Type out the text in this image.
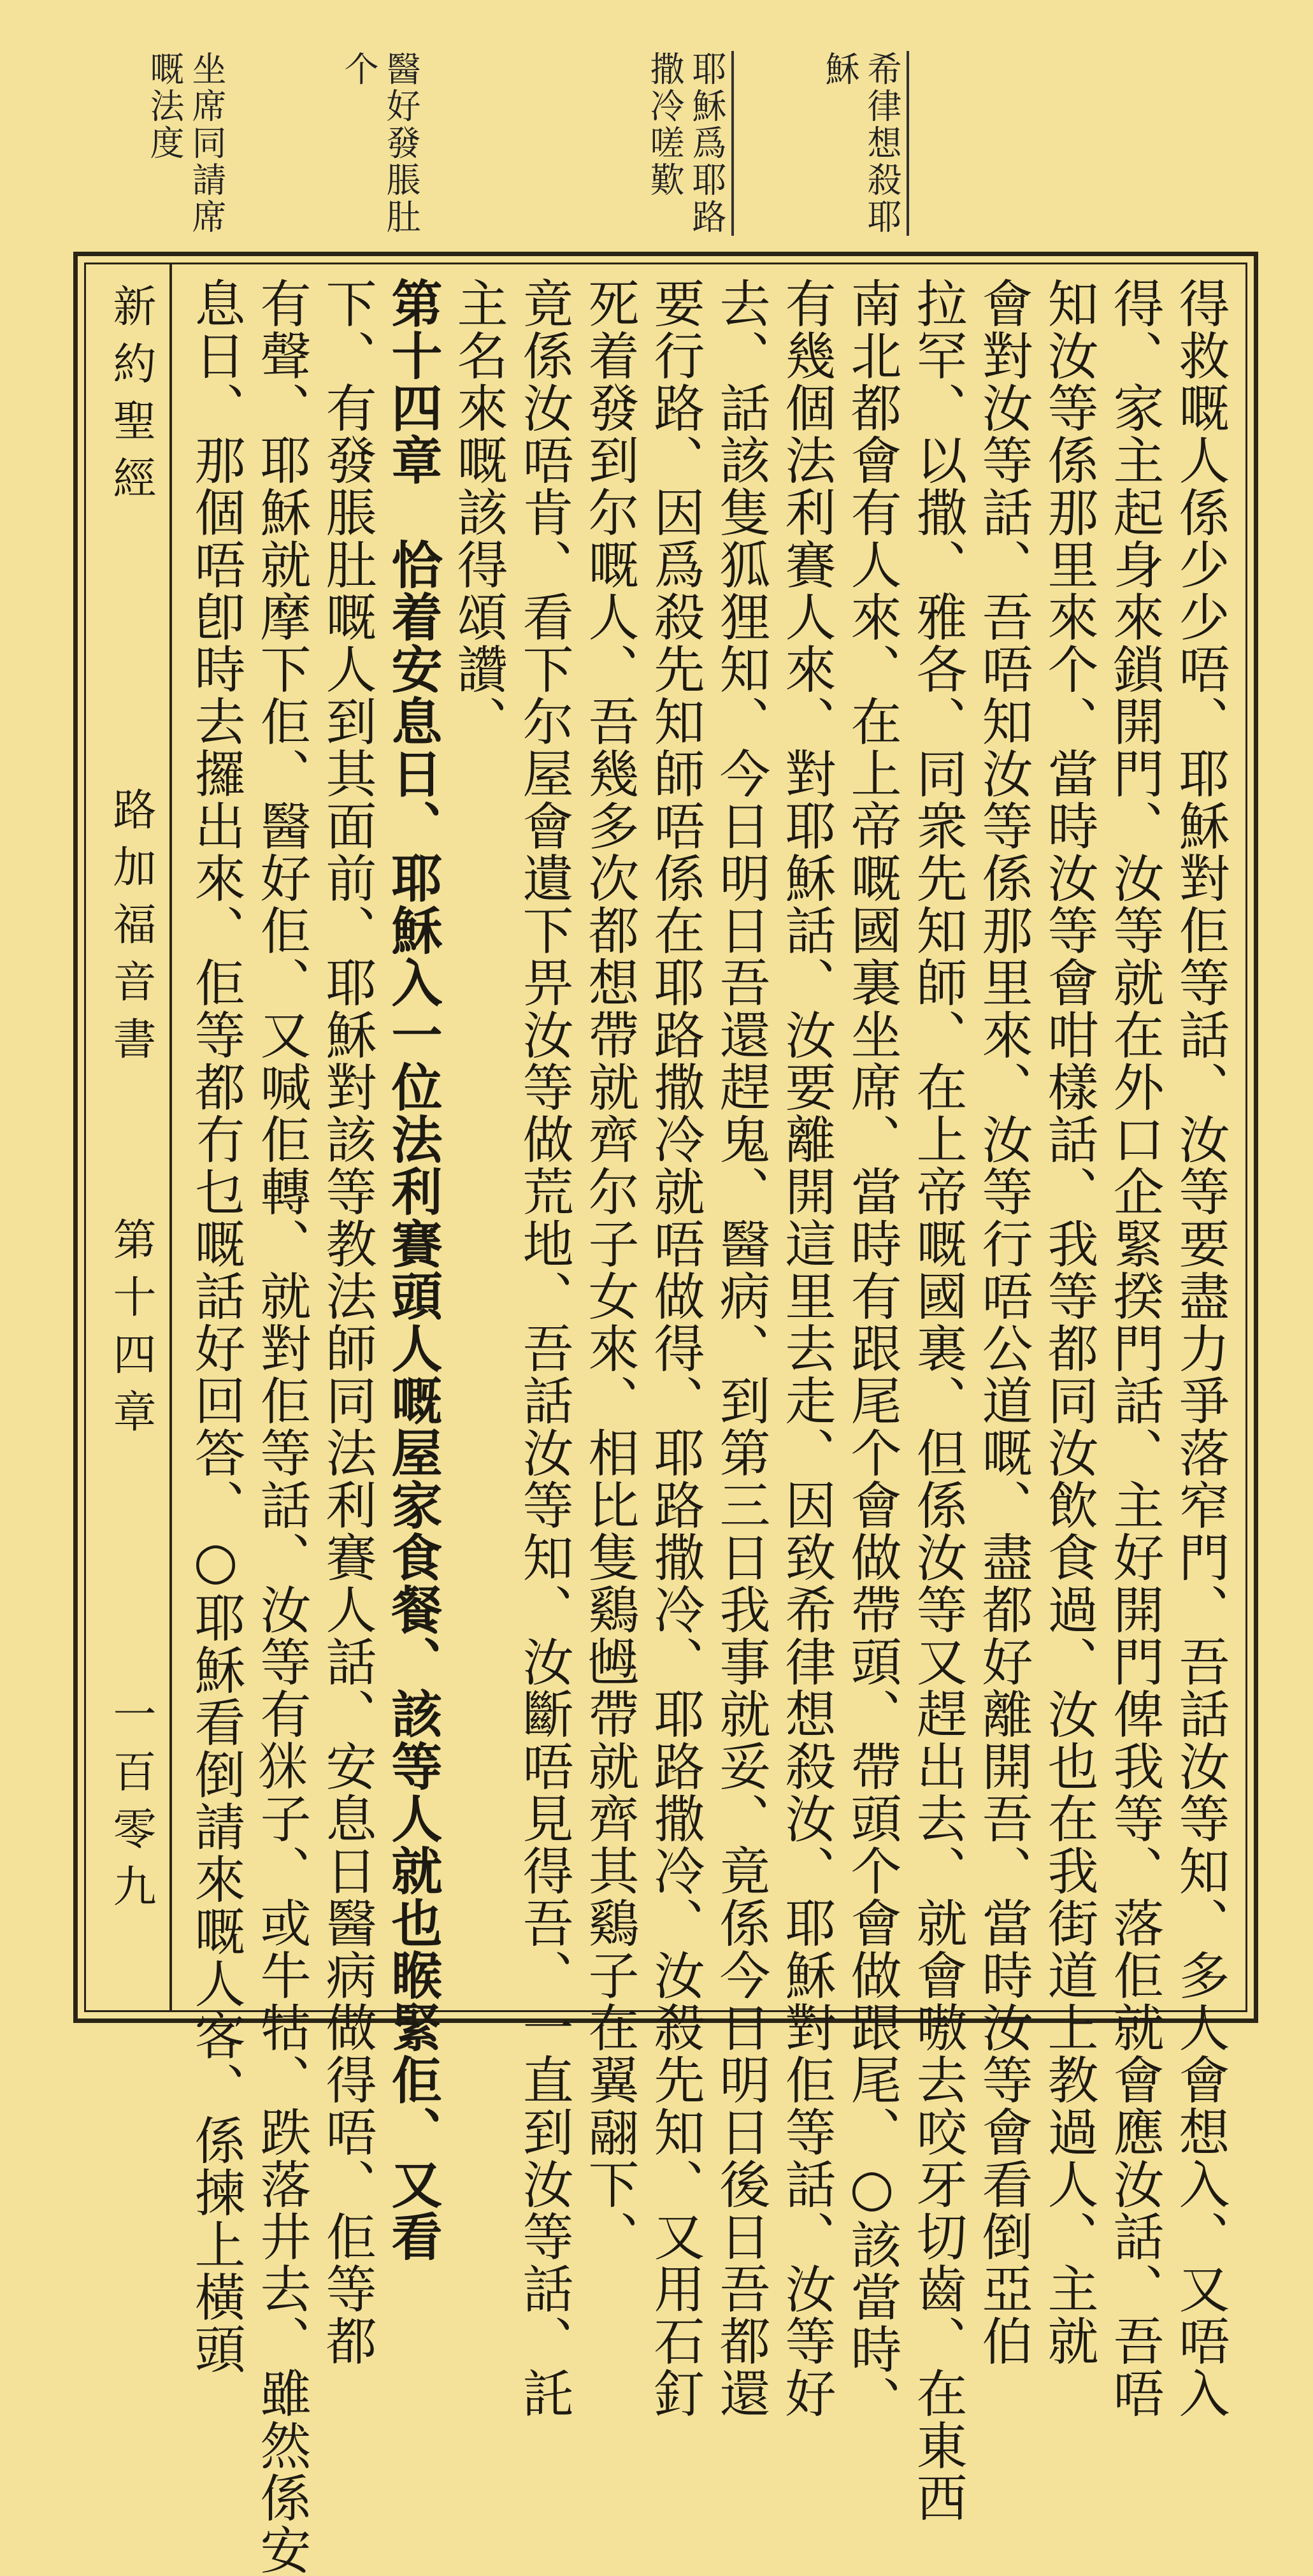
希律想殺耶
穌
耶穌爲耶路
撒冷嗟歎
醫好發脹肚
个
坐席同請席
嘅法度
新約聖經
路加福音書
第十四章
一百零九	得救嘅人係少少唔、耶穌對佢等話、汝等要盡力爭落窄門、吾話汝等知、多人會想入、又唔入
得、家主起身來鎖開門、汝等就在外口企緊揆門話、主好開門俾我等、落佢就會應汝話、吾唔
知汝等係那里來个、當時汝等會咁樣話、我等都同汝飲食過、汝也在我街道上教過人、主就
會對汝等話、吾唔知汝等係那里來、汝等行唔公道嘅、盡都好離開吾、當時汝等會看倒亞伯
拉罕、以撒、雅各、同衆先知師、在上帝嘅國裏、但係汝等又趕出去、就會嗷去咬牙切齒、在東西
南北都會有人來、在上帝嘅國裏坐席、當時有跟尾个會做帶頭、帶頭个會做跟尾、○該當時、
有幾個法利賽人來、對耶穌話、汝要離開這里去走、因致希律想殺汝、耶穌對佢等話、汝等好
去、話該隻狐狸知、今日明日吾還趕鬼、醫病、到第三日我事就妥、竟係今日明日後日吾都還
要行路、因爲殺先知師唔係在耶路撒冷就唔做得、耶路撒冷、耶路撒冷、汝殺先知、又用石釘
死着發到尔嘅人、吾幾多次都想帶就齊尔子女來、相比隻鷄乸帶就齊其鷄子在翼翮下、
竟係汝唔肯、看下尔屋會遺下畀汝等做荒地、吾話汝等知、汝斷唔見得吾、一直到汝等話、託
主名來嘅該得頌讚、
第十四章　恰着安息日、耶穌入一位法利賽頭人嘅屋家食餐、該等人就也睺緊佢、又看
下、有發脹肚嘅人到其面前、耶穌對該等教法師同法利賽人話、安息日醫病做得唔、佢等都
有聲、耶穌就摩下佢、醫好佢、又喊佢轉、就對佢等話、汝等有𤝸子、或牛牯、跌落井去、雖然係安
息日、那個唔卽時去攞出來、佢等都冇乜嘅話好回答、○耶穌看倒請來嘅人客、係揀上橫頭
